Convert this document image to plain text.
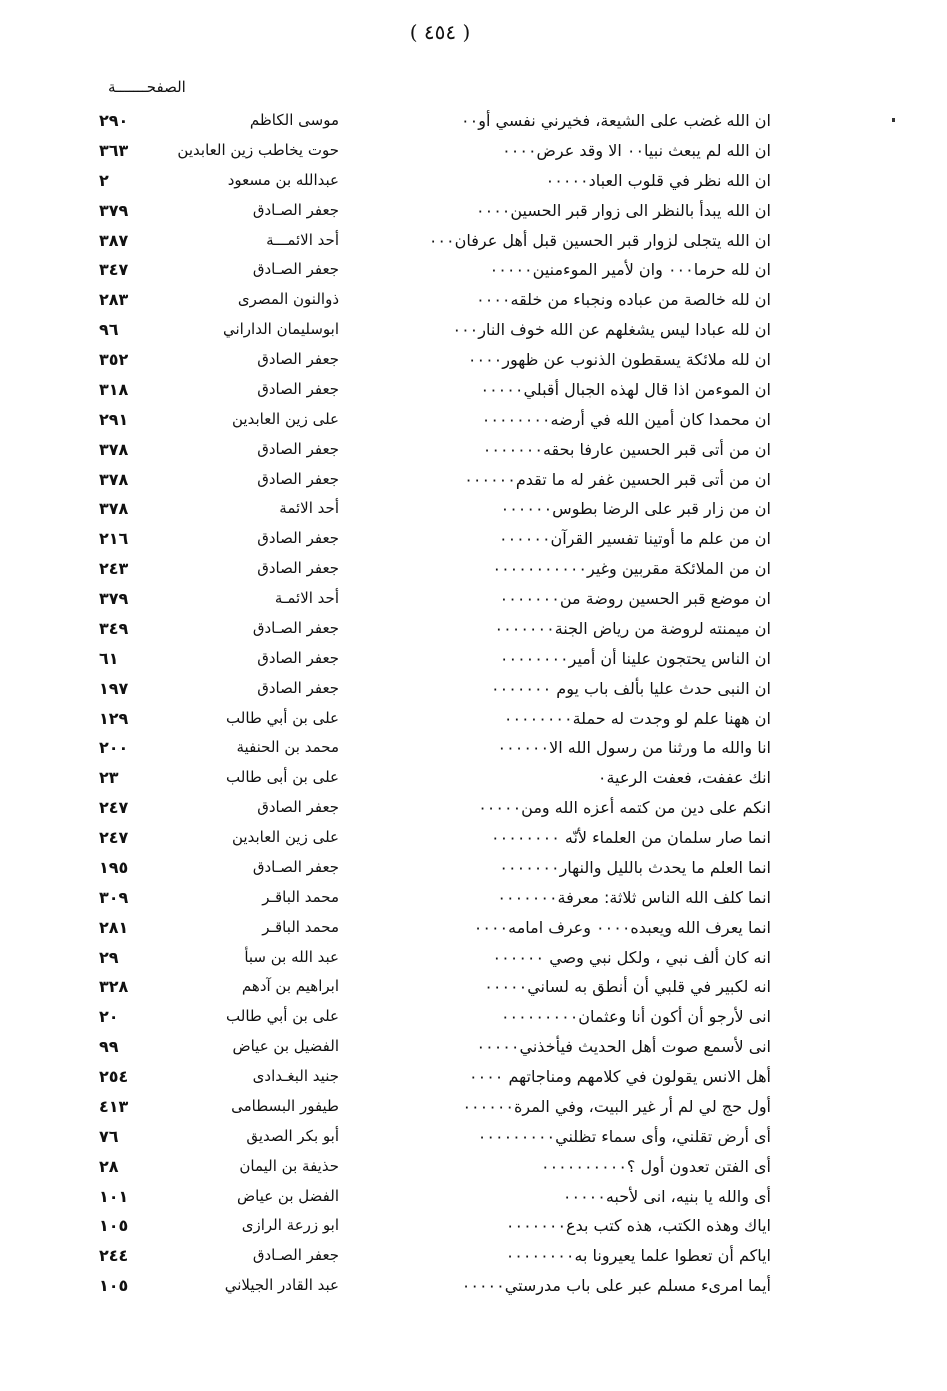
( ٤٥٤ )
الصفحـــــــة
ان الله غضب على الشيعة، فخيرني نفسي أو٠٠
موسى الكاظم
٢٩٠
ان الله لم يبعث نبيا٠٠ الا وقد عرض٠٠٠٠
حوت يخاطب زين العابدين
٣٦٣
ان الله نظر في قلوب العباد٠٠٠٠٠
عبدالله بن مسعود
٢
ان الله يبدأ بالنظر الى زوار قبر الحسين٠٠٠٠
جعفر الصـادق
٣٧٩
ان الله يتجلى لزوار قبر الحسين قبل أهل عرفان٠٠٠
أحد الائمـــة
٣٨٧
ان لله حرما٠٠٠ وان لأمير الموءمنين٠٠٠٠٠
جعفر الصـادق
٣٤٧
ان لله خالصة من عباده ونجباء من خلقه٠٠٠٠
ذوالنون المصرى
٢٨٣
ان لله عبادا ليس يشغلهم عن الله خوف النار٠٠٠
ابوسليمان الداراني
٩٦
ان لله ملائكة يسقطون الذنوب عن ظهور٠٠٠٠
جعفر الصادق
٣٥٢
ان الموءمن اذا قال لهذه الجبال أقبلي٠٠٠٠٠
جعفر الصادق
٣١٨
ان محمدا كان أمين الله في أرضه٠٠٠٠٠٠٠٠
على زين العابدين
٢٩١
ان من أتى قبر الحسين عارفا بحقه٠٠٠٠٠٠٠
جعفر الصادق
٣٧٨
ان من أتى قبر الحسين غفر له ما تقدم٠٠٠٠٠٠
جعفر الصادق
٣٧٨
ان من زار قبر على الرضا بطوس٠٠٠٠٠٠
أحد الائمة
٣٧٨
ان من علم ما أوتينا تفسير القرآن٠٠٠٠٠٠
جعفر الصادق
٢١٦
ان من الملائكة مقربين وغير٠٠٠٠٠٠٠٠٠٠٠
جعفر الصادق
٢٤٣
ان موضع قبر الحسين روضة من٠٠٠٠٠٠٠
أحد الائمـة
٣٧٩
ان ميمنته لروضة من رياض الجنة٠٠٠٠٠٠٠
جعفر الصـادق
٣٤٩
ان الناس يحتجون علينا أن أمير٠٠٠٠٠٠٠٠
جعفر الصادق
٦١
ان النبى حدث عليا بألف باب يوم ٠٠٠٠٠٠٠
جعفر الصادق
١٩٧
ان ههنا علم لو وجدت له حملة٠٠٠٠٠٠٠٠
على بن أبي طالب
١٢٩
انا والله ما ورثنا من رسول الله الا٠٠٠٠٠٠
محمد بن الحنفية
٢٠٠
انك عففت، فعفت الرعية٠
على بن أبى طالب
٢٣
انكم على دين من كتمه أعزه الله ومن٠٠٠٠٠
جعفر الصادق
٢٤٧
انما صار سلمان من العلماء لأنّه ٠٠٠٠٠٠٠٠
على زين العابدين
٢٤٧
انما العلم ما يحدث بالليل والنهار٠٠٠٠٠٠٠
جعفر الصـادق
١٩٥
انما كلف الله الناس ثلاثة: معرفة٠٠٠٠٠٠٠
محمد الباقـر
٣٠٩
انما يعرف الله ويعبده٠٠٠٠ وعرف امامه٠٠٠٠
محمد الباقـر
٢٨١
انه كان ألف نبي ، ولكل نبي وصي ٠٠٠٠٠٠
عبد الله بن سبأ
٢٩
انه لكبير في قلبي أن أنطق به لساني٠٠٠٠٠
ابراهيم بن آدهم
٣٢٨
انى لأرجو أن أكون أنا وعثمان٠٠٠٠٠٠٠٠٠
على بن أبي طالب
٢٠
انى لأسمع صوت أهل الحديث فيأخذني٠٠٠٠٠
الفضيل بن عياض
٩٩
أهل الانس يقولون في كلامهم ومناجاتهم ٠٠٠٠
جنيد البغـدادى
٢٥٤
أول حج لي لم أر غير البيت، وفي المرة٠٠٠٠٠٠
طيفور البسطامى
٤١٣
أى أرض تقلني، وأى سماء تظلني٠٠٠٠٠٠٠٠٠
أبو بكر الصديق
٧٦
أى الفتن تعدون أول ؟٠٠٠٠٠٠٠٠٠٠
حذيفة بن اليمان
٢٨
أى والله يا بنيه، انى لأحبه٠٠٠٠٠
الفضل بن عياض
١٠١
اياك وهذه الكتب، هذه كتب بدع٠٠٠٠٠٠٠
ابو زرعة الرازى
١٠٥
اياكم أن تعطوا علما يعيرونا به٠٠٠٠٠٠٠٠
جعفر الصـادق
٢٤٤
أيما امرىء مسلم عبر على باب مدرستي٠٠٠٠٠
عبد القادر الجيلاني
١٠٥
